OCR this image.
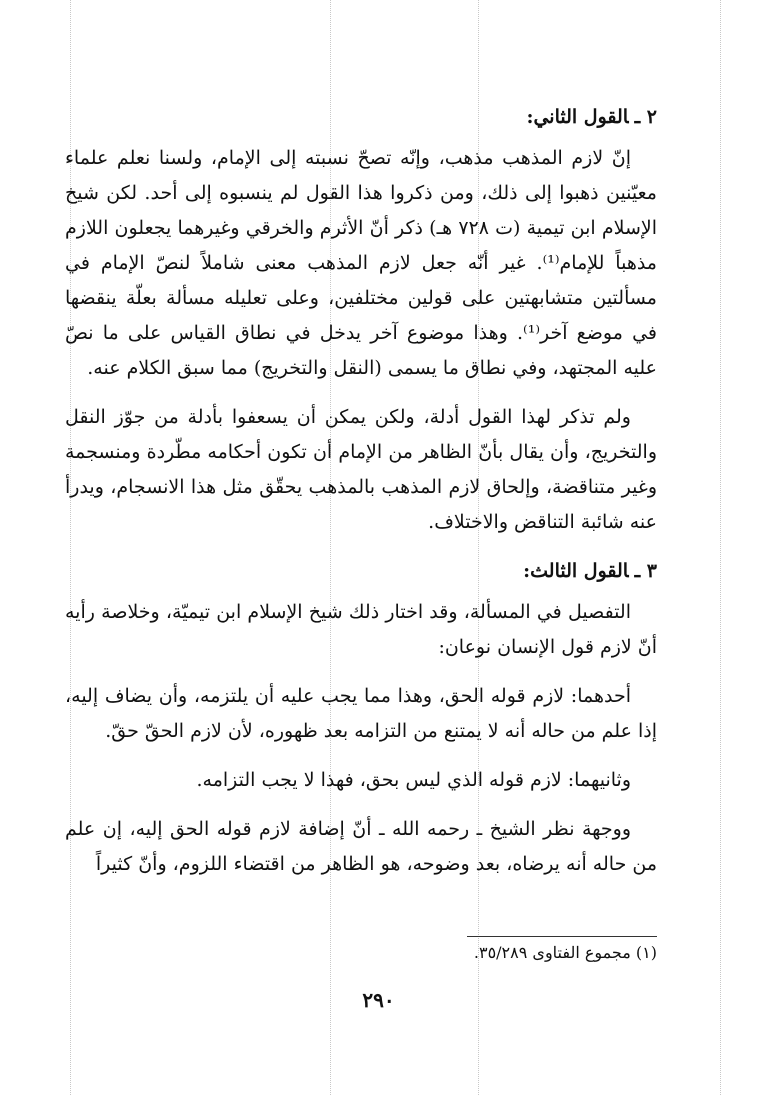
٢ ـالقول الثاني:

إنّ لازم المذهب مذهب، وإنّه تصحّ نسبته إلى الإمام، ولسنا نعلم علماء معيّنين ذهبوا إلى ذلك، ومن ذكروا هذا القول لم ينسبوه إلى أحد. لكن شيخ الإسلام ابن تيمية (ت ٧٢٨ هـ) ذكر أنّ الأثرم والخرقي وغيرهما يجعلون اللازم مذهباً للإمام⁽¹⁾. غير أنّه جعل لازم المذهب معنى شاملاً لنصّ الإمام في مسألتين متشابهتين على قولين مختلفين، وعلى تعليله مسألة بعلّة ينقضها في موضع آخر⁽¹⁾. وهذا موضوع آخر يدخل في نطاق القياس على ما نصّ عليه المجتهد، وفي نطاق ما يسمى (النقل والتخريج) مما سبق الكلام عنه.

ولم تذكر لهذا القول أدلة، ولكن يمكن أن يسعفوا بأدلة من جوّز النقل والتخريج، وأن يقال بأنّ الظاهر من الإمام أن تكون أحكامه مطّردة ومنسجمة وغير متناقضة، وإلحاق لازم المذهب بالمذهب يحقّق مثل هذا الانسجام، ويدرأ عنه شائبة التناقض والاختلاف.

٣ ـالقول الثالث:

التفصيل في المسألة، وقد اختار ذلك شيخ الإسلام ابن تيميّة، وخلاصة رأيه أنّ لازم قول الإنسان نوعان:

أحدهما: لازم قوله الحق، وهذا مما يجب عليه أن يلتزمه، وأن يضاف إليه، إذا علم من حاله أنه لا يمتنع من التزامه بعد ظهوره، لأن لازم الحقّ حقّ.

وثانيهما: لازم قوله الذي ليس بحق، فهذا لا يجب التزامه.

ووجهة نظر الشيخ ـ رحمه الله ـ أنّ إضافة لازم قوله الحق إليه، إن علم من حاله أنه يرضاه، بعد وضوحه، هو الظاهر من اقتضاء اللزوم، وأنّ كثيراً

(١) مجموع الفتاوى ٣٥/٢٨٩.
٢٩٠
